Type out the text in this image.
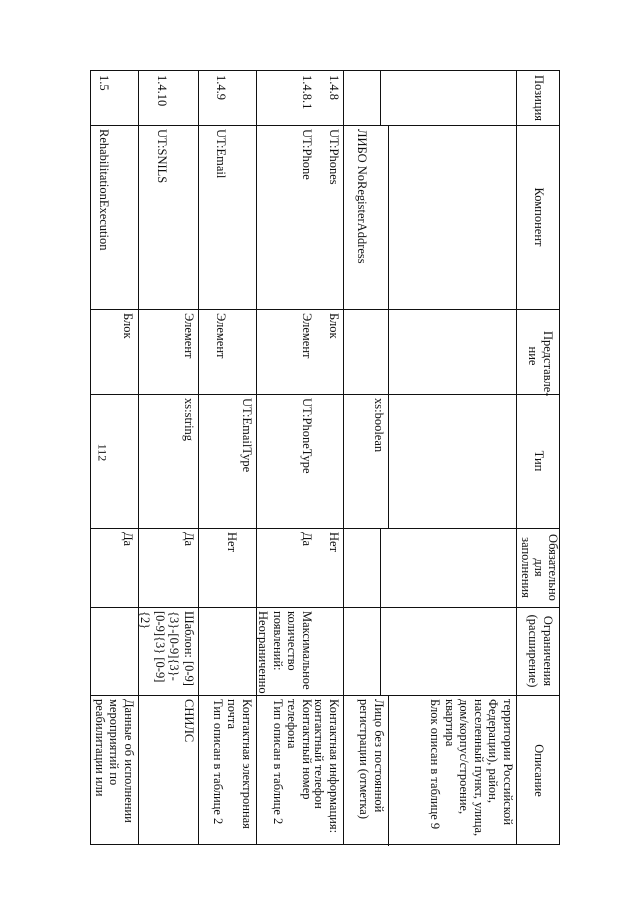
112
Позиция
Компонент
Представле-ние
Тип
Обязательно для заполнения
Ограничения (расширение)
Описание
территории Российской Федерации), район, населенный пункт, улица, дом/корпус/строение, квартира
Блок описан в таблице 9
ЛИБО NoRegisterAddress
xs:boolean
Лицо без постоянной регистрации (отметка)
1.4.8
UT:Phones
Блок
Нет
Контактная информация: контактный телефон
1.4.8.1
UT:Phone
Элемент
UT:PhoneType
Да
Максимальное количество появлений: Неограниченно
Контактный номер телефона
Тип описан в таблице 2
1.4.9
UT:Email
Элемент
UT:EmailType
Нет
Контактная электронная почта
Тип описан в таблице 2
1.4.10
UT:SNILS
Элемент
xs:string
Да
Шаблон: [0-9]{3}-[0-9]{3}-[0-9]{3} [0-9]{2}
СНИЛС
1.5
RehabilitationExecution
Блок
Да
Данные об исполнении мероприятий по реабилитации или
